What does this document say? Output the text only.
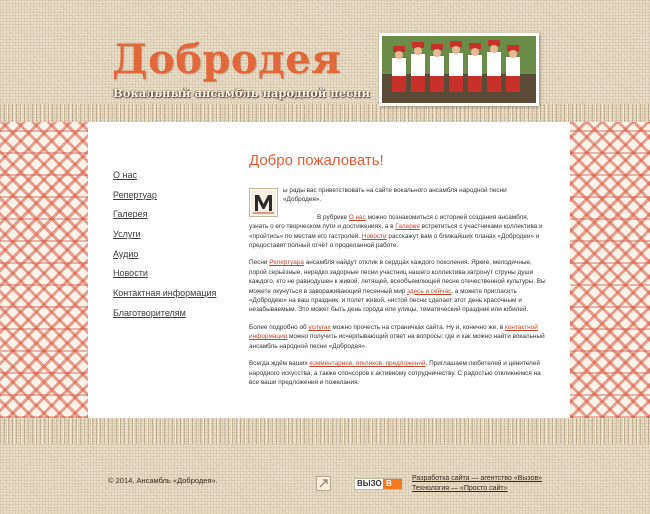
Добродея
Вокальный ансамбль народной песни
О нас
Репертуар
Галерея
Услуги
Аудио
Новости
Контактная информация
Благотворителям
Добро пожаловать!

ы рады вас приветствовать на сайте вокального ансамбля народной песни «Добродея».

В рубрике О нас можно познакомиться с историей создания ансамбля, узнать о его творческом пути и достижениях, а в Галерее встретиться с участниками коллектива и «пройтись» по местам его гастролей. Новости расскажут вам о ближайших планах «Добродеи» и предоставят полный отчёт о проделанной работе.

Песни Репертуара ансамбля найдут отклик в сердцах каждого поколения. Яркие, мелодичные, порой серьёзные, нередко задорные песни участниц нашего коллектива затронут струны души каждого, кто не равнодушен к живой, летящей, всеобъемлющей песне отечественной культуры. Вы можете окунуться в завораживающий песенный мир здесь и сейчас, а можете пригласить «Добродею» на ваш праздник, и полет живой, чистой песни сделает этот день красочным и незабываемым. Это может быть день города или улицы, тематический праздник или юбилей.

Более подробно об услугах можно прочесть на страничках сайта. Ну и, конечно же, в контактной информации можно получить исчерпывающий ответ на вопросы: где и как можно найти вокальный ансамбль народной песни «Добродея».

Всегда ждём ваших комментариев, откликов, предложений. Приглашаем любителей и ценителей народного искусства, а также спонсоров к активному сотрудничеству. С радостью откликнемся на все ваши предложения и пожелания.

© 2014, Ансамбль «Добродея».	ВЫЗО В
Разработка сайта — агентство «Вызов»
Технология — «Просто сайт»
